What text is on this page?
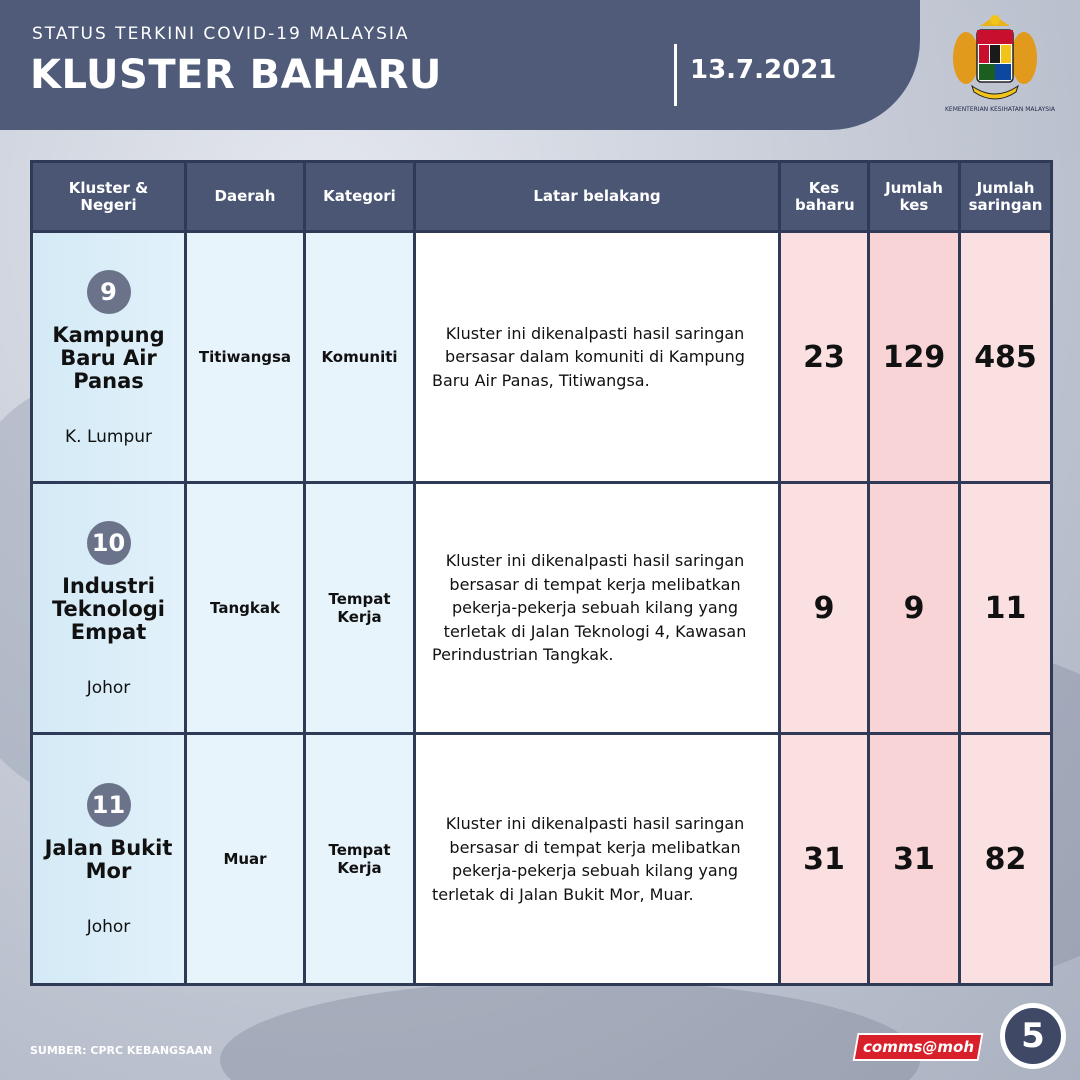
STATUS TERKINI COVID-19 MALAYSIA
KLUSTER BAHARU	13.7.2021
KEMENTERIAN KESIHATAN MALAYSIA
Kluster & Negeri	Daerah	Kategori	Latar belakang	Kes baharu	Jumlah kes	Jumlah saringan

9
Kampung Baru Air Panas
K. Lumpur	Titiwangsa	Komuniti	Kluster ini dikenalpasti hasil saringan bersasar dalam komuniti di Kampung Baru Air Panas, Titiwangsa.	23	129	485

10
Industri Teknologi Empat
Johor	Tangkak	Tempat Kerja	Kluster ini dikenalpasti hasil saringan bersasar di tempat kerja melibatkan pekerja-pekerja sebuah kilang yang terletak di Jalan Teknologi 4, Kawasan Perindustrian Tangkak.	9	9	11

11
Jalan Bukit Mor
Johor	Muar	Tempat Kerja	Kluster ini dikenalpasti hasil saringan bersasar di tempat kerja melibatkan pekerja-pekerja sebuah kilang yang terletak di Jalan Bukit Mor, Muar.	31	31	82
SUMBER: CPRC KEBANGSAAN	comms@moh	5
